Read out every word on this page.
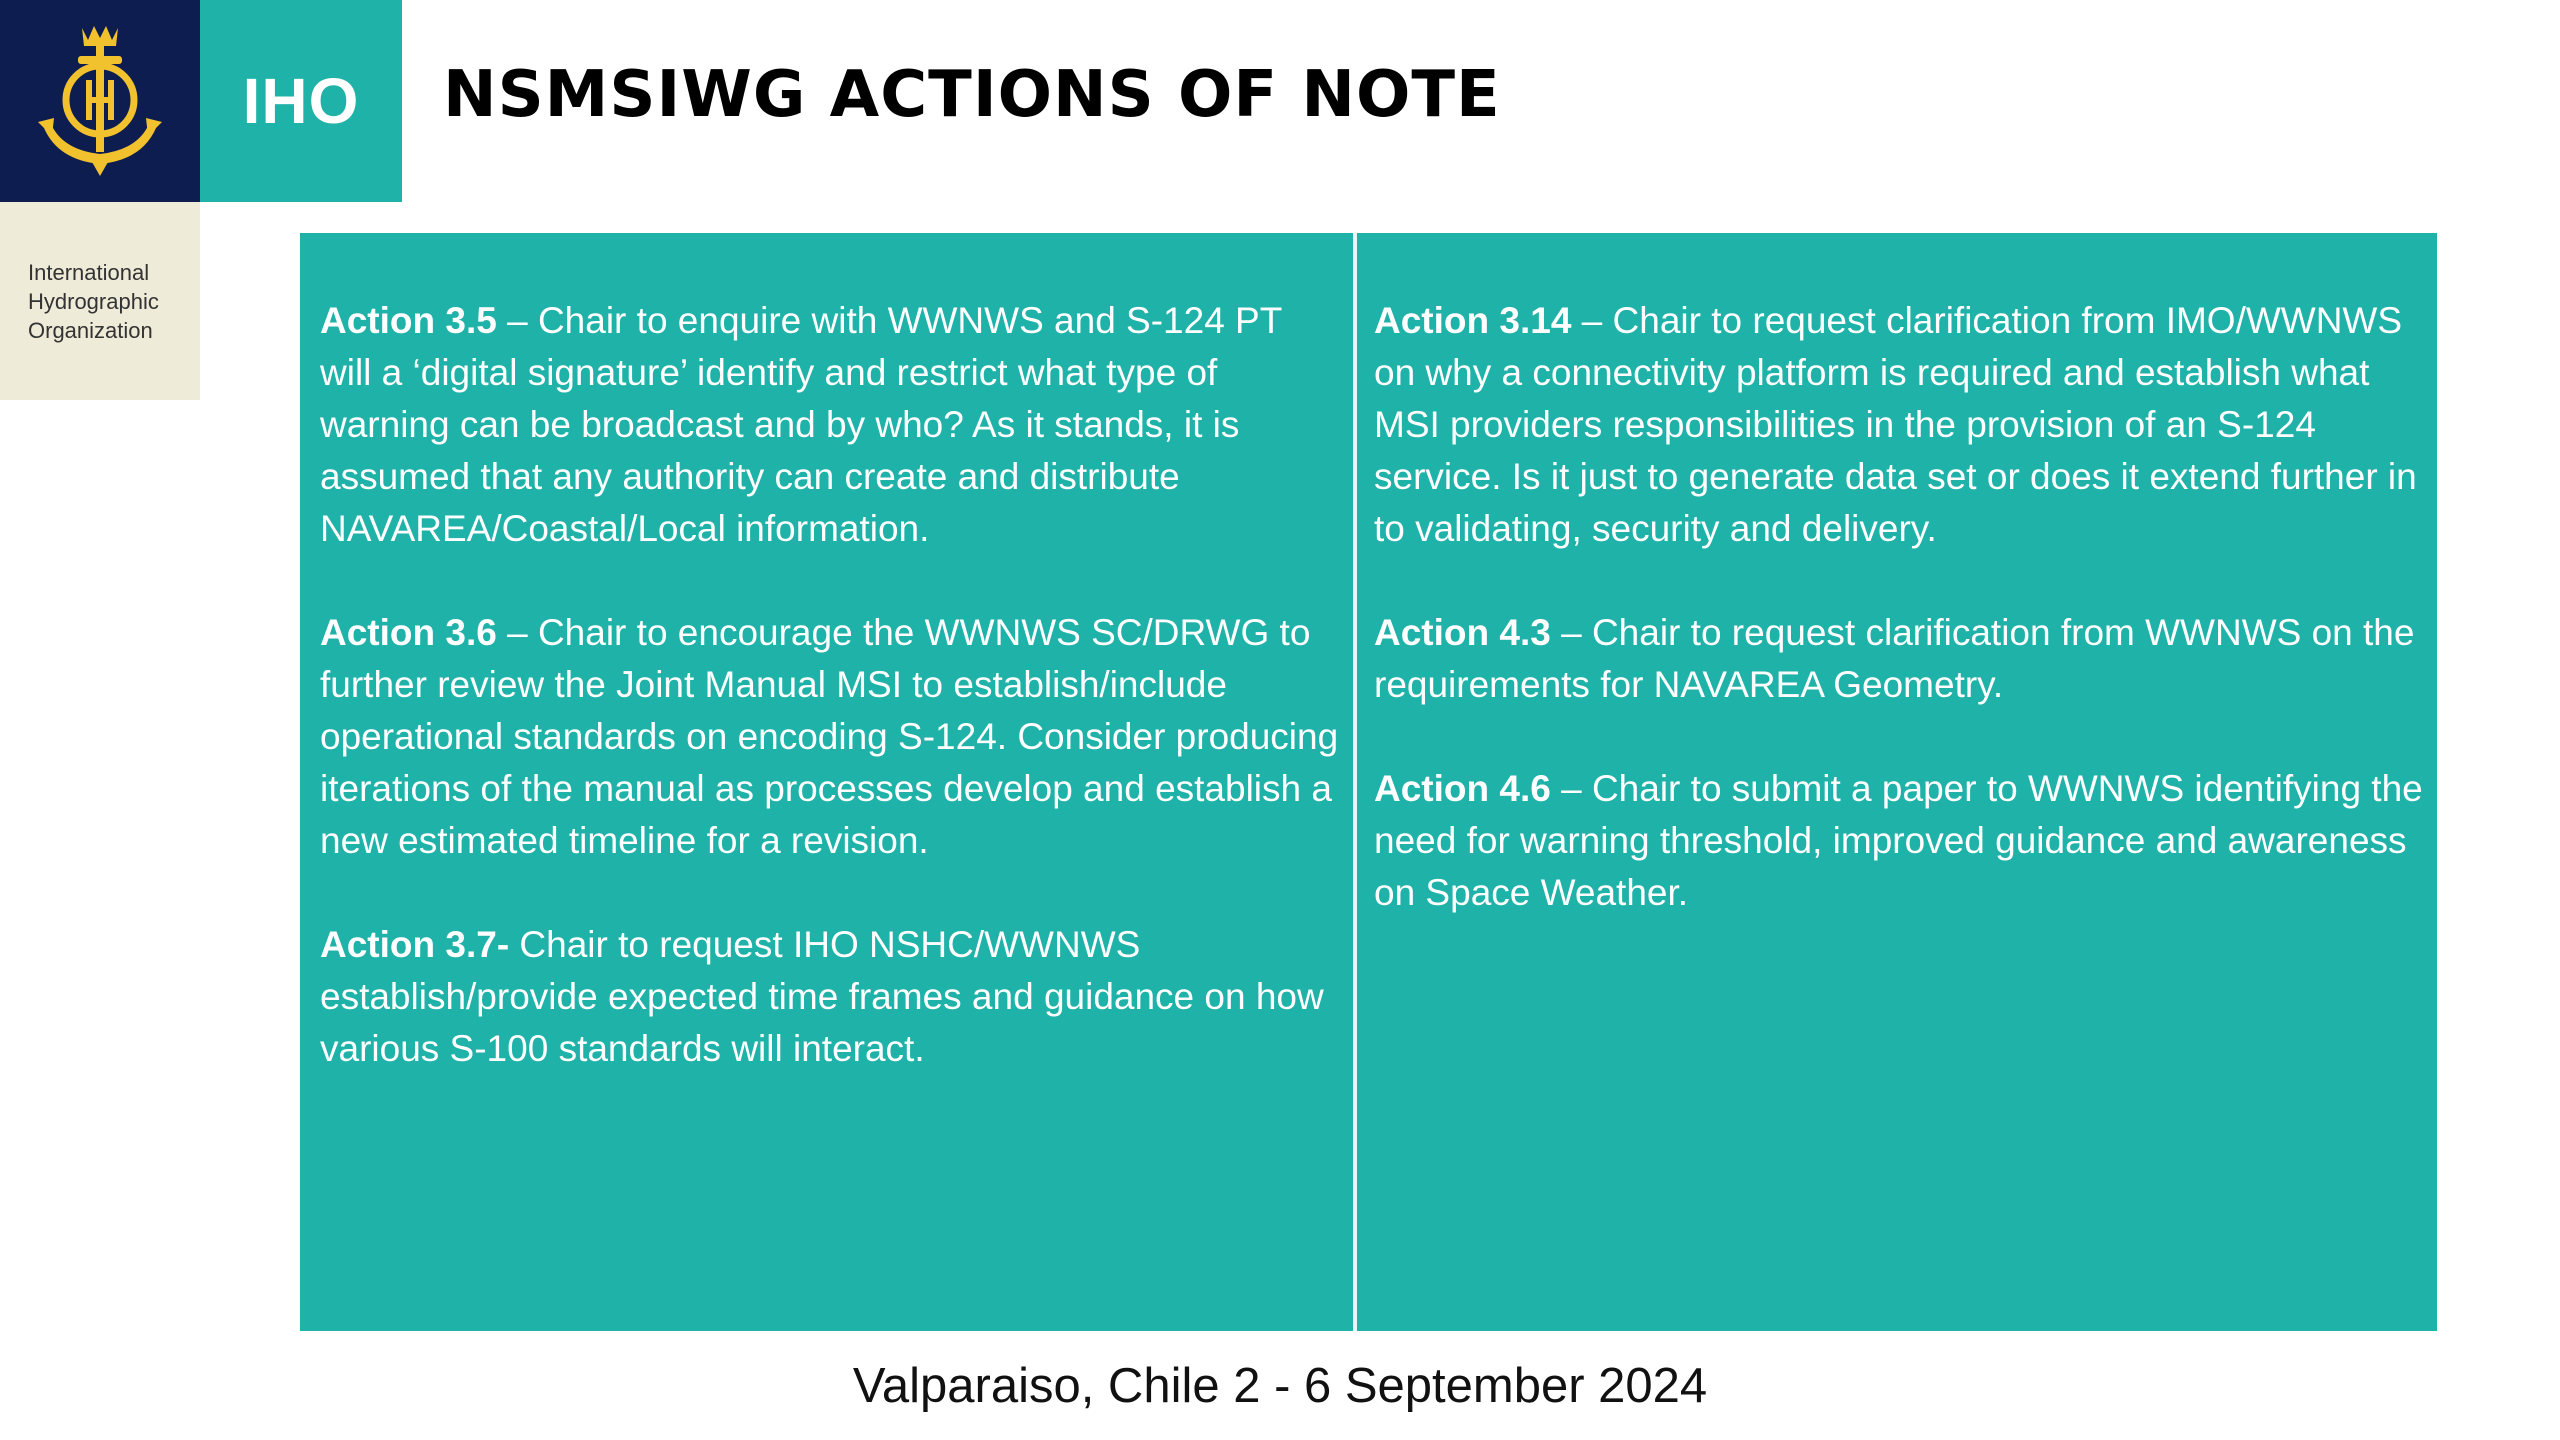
IHO
International
Hydrographic
Organization
NSMSIWG ACTIONS OF NOTE

Action 3.5 – Chair to enquire with WWNWS and S-124 PT will a ‘digital signature’ identify and restrict what type of warning can be broadcast and by who? As it stands, it is assumed that any authority can create and distribute NAVAREA/Coastal/Local information.

Action 3.6 – Chair to encourage the WWNWS SC/DRWG to further review the Joint Manual MSI to establish/include operational standards on encoding S-124. Consider producing iterations of the manual as processes develop and establish a new estimated timeline for a revision.

Action 3.7- Chair to request IHO NSHC/WWNWS establish/provide expected time frames and guidance on how various S-100 standards will interact.

Action 3.14 – Chair to request clarification from IMO/WWNWS on why a connectivity platform is required and establish what MSI providers responsibilities in the provision of an S-124 service. Is it just to generate data set or does it extend further in to validating, security and delivery.

Action 4.3 – Chair to request clarification from WWNWS on the requirements for NAVAREA Geometry.

Action 4.6 – Chair to submit a paper to WWNWS identifying the need for warning threshold, improved guidance and awareness on Space Weather.

Valparaiso, Chile 2 - 6 September 2024
